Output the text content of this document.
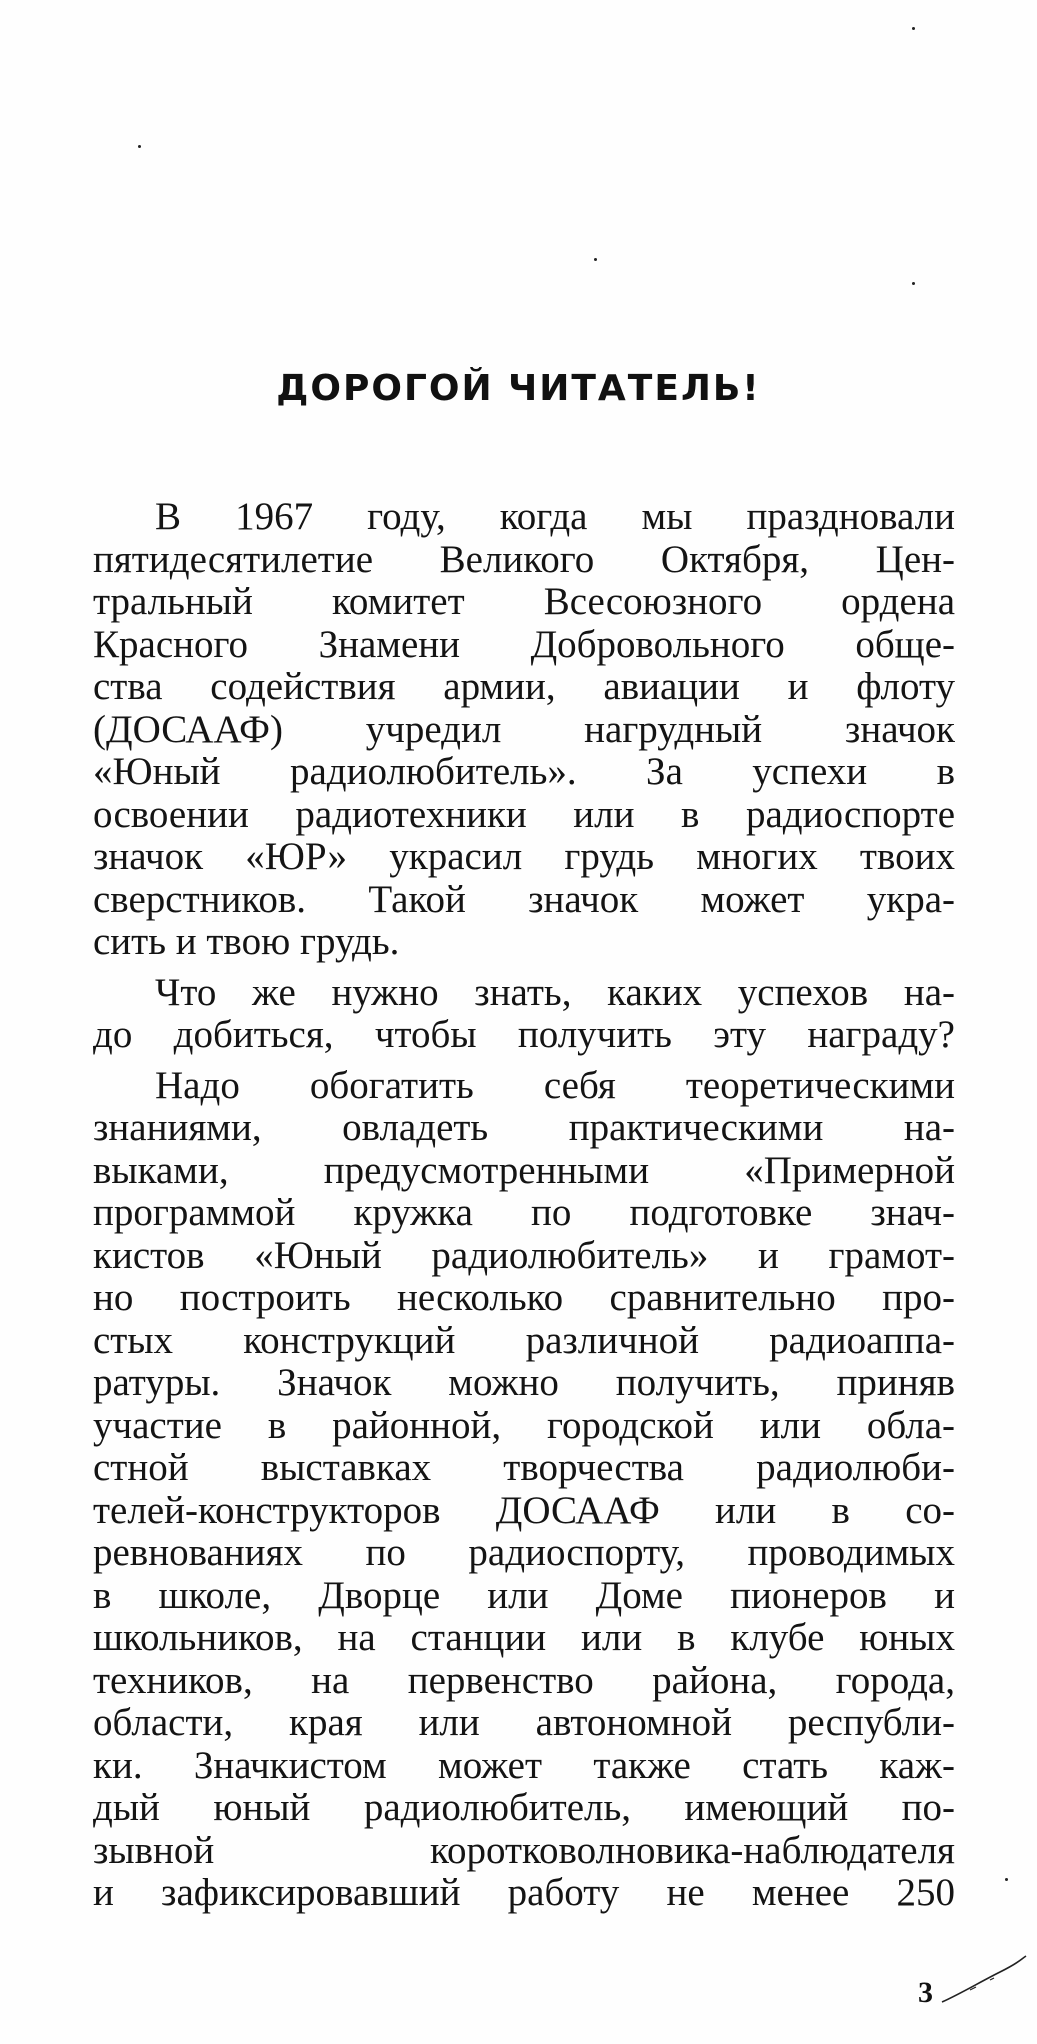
ДОРОГОЙ ЧИТАТЕЛЬ!

В 1967 году, когда мы праздновали
пятидесятилетие Великого Октября, Цен-
тральный комитет Всесоюзного ордена
Красного Знамени Добровольного обще-
ства содействия армии, авиации и флоту
(ДОСААФ) учредил нагрудный значок
«Юный радиолюбитель». За успехи в
освоении радиотехники или в радиоспорте
значок «ЮР» украсил грудь многих твоих
сверстников. Такой значок может укра-
сить и твою грудь.

Что же нужно знать, каких успехов на-
до добиться, чтобы получить эту награду?

Надо обогатить себя теоретическими
знаниями, овладеть практическими на-
выками, предусмотренными «Примерной
программой кружка по подготовке знач-
кистов «Юный радиолюбитель» и грамот-
но построить несколько сравнительно про-
стых конструкций различной радиоаппа-
ратуры. Значок можно получить, приняв
участие в районной, городской или обла-
стной выставках творчества радиолюби-
телей-конструкторов ДОСААФ или в со-
ревнованиях по радиоспорту, проводимых
в школе, Дворце или Доме пионеров и
школьников, на станции или в клубе юных
техников, на первенство района, города,
области, края или автономной республи-
ки. Значкистом может также стать каж-
дый юный радиолюбитель, имеющий по-
зывной коротковолновика-наблюдателя
и зафиксировавший работу не менее 250

3
